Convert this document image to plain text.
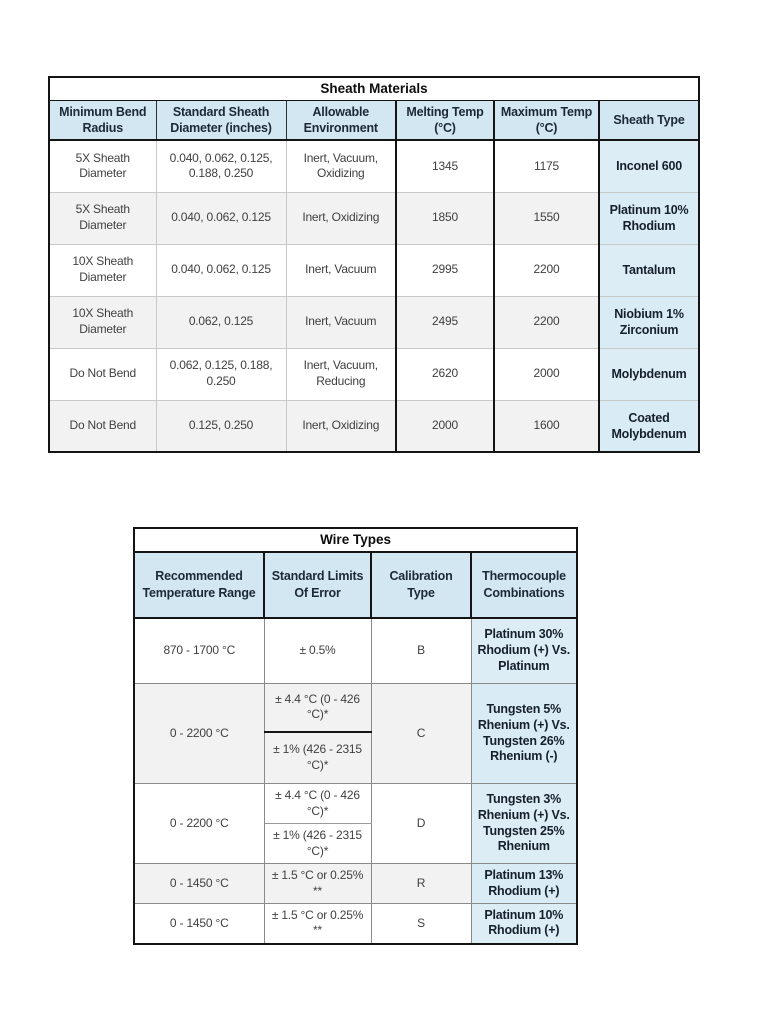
Sheath Materials					
Minimum Bend Radius	Standard Sheath Diameter (inches)	Allowable Environment	Melting Temp (°C)	Maximum Temp (°C)	Sheath Type
5X Sheath Diameter	0.040, 0.062, 0.125, 0.188, 0.250	Inert, Vacuum, Oxidizing	1345	1175	Inconel 600
5X Sheath Diameter	0.040, 0.062, 0.125	Inert, Oxidizing	1850	1550	Platinum 10% Rhodium
10X Sheath Diameter	0.040, 0.062, 0.125	Inert, Vacuum	2995	2200	Tantalum
10X Sheath Diameter	0.062, 0.125	Inert, Vacuum	2495	2200	Niobium 1% Zirconium
Do Not Bend	0.062, 0.125, 0.188, 0.250	Inert, Vacuum, Reducing	2620	2000	Molybdenum
Do Not Bend	0.125, 0.250	Inert, Oxidizing	2000	1600	Coated Molybdenum
Wire Types			
Recommended Temperature Range	Standard Limits Of Error	Calibration Type	Thermocouple Combinations
870 - 1700 °C	± 0.5%	B	Platinum 30% Rhodium (+) Vs. Platinum
0 - 2200 °C	± 4.4 °C (0 - 426 °C)*	C	Tungsten 5% Rhenium (+) Vs. Tungsten 26% Rhenium (-)
	± 1% (426 - 2315 °C)*		
0 - 2200 °C	± 4.4 °C (0 - 426 °C)*	D	Tungsten 3% Rhenium (+) Vs. Tungsten 25% Rhenium
	± 1% (426 - 2315 °C)*		
0 - 1450 °C	± 1.5 °C or 0.25% **	R	Platinum 13% Rhodium (+)
0 - 1450 °C	± 1.5 °C or 0.25% **	S	Platinum 10% Rhodium (+)
